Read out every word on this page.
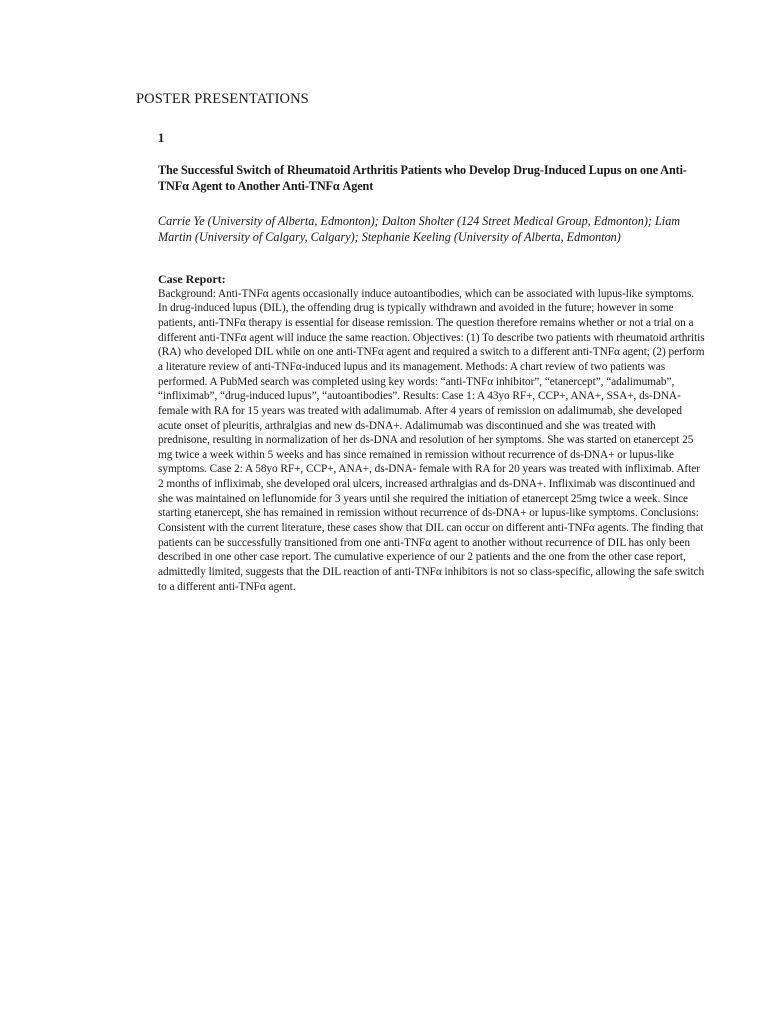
POSTER PRESENTATIONS

1

The Successful Switch of Rheumatoid Arthritis Patients who Develop Drug-Induced Lupus on one Anti-TNFα Agent to Another Anti-TNFα Agent

Carrie Ye (University of Alberta, Edmonton); Dalton Sholter (124 Street Medical Group, Edmonton); Liam Martin (University of Calgary, Calgary); Stephanie Keeling (University of Alberta, Edmonton)

Case Report:

Background: Anti-TNFα agents occasionally induce autoantibodies, which can be associated with lupus-like symptoms. In drug-induced lupus (DIL), the offending drug is typically withdrawn and avoided in the future; however in some patients, anti-TNFα therapy is essential for disease remission. The question therefore remains whether or not a trial on a different anti-TNFα agent will induce the same reaction. Objectives: (1) To describe two patients with rheumatoid arthritis (RA) who developed DIL while on one anti-TNFα agent and required a switch to a different anti-TNFα agent; (2) perform a literature review of anti-TNFα-induced lupus and its management. Methods: A chart review of two patients was performed. A PubMed search was completed using key words: “anti-TNFα inhibitor”, “etanercept”, “adalimumab”, “infliximab”, “drug-induced lupus”, “autoantibodies”. Results: Case 1: A 43yo RF+, CCP+, ANA+, SSA+, ds-DNA- female with RA for 15 years was treated with adalimumab. After 4 years of remission on adalimumab, she developed acute onset of pleuritis, arthralgias and new ds-DNA+. Adalimumab was discontinued and she was treated with prednisone, resulting in normalization of her ds-DNA and resolution of her symptoms. She was started on etanercept 25 mg twice a week within 5 weeks and has since remained in remission without recurrence of ds-DNA+ or lupus-like symptoms. Case 2: A 58yo RF+, CCP+, ANA+, ds-DNA- female with RA for 20 years was treated with infliximab. After 2 months of infliximab, she developed oral ulcers, increased arthralgias and ds-DNA+. Infliximab was discontinued and she was maintained on leflunomide for 3 years until she required the initiation of etanercept 25mg twice a week. Since starting etanercept, she has remained in remission without recurrence of ds-DNA+ or lupus-like symptoms. Conclusions: Consistent with the current literature, these cases show that DIL can occur on different anti-TNFα agents. The finding that patients can be successfully transitioned from one anti-TNFα agent to another without recurrence of DIL has only been described in one other case report. The cumulative experience of our 2 patients and the one from the other case report, admittedly limited, suggests that the DIL reaction of anti-TNFα inhibitors is not so class-specific, allowing the safe switch to a different anti-TNFα agent.
